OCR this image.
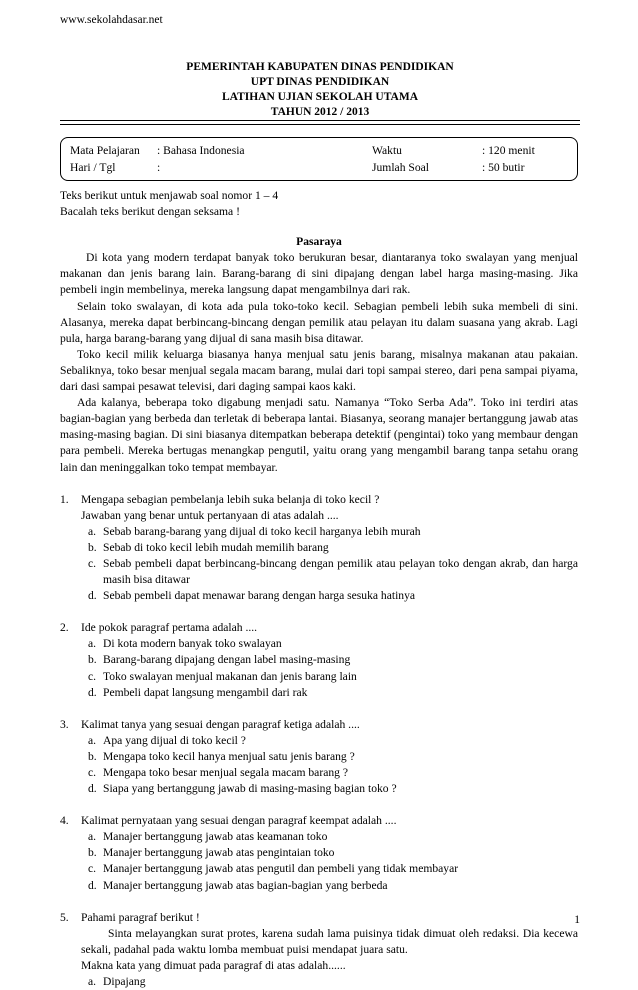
www.sekolahdasar.net
PEMERINTAH KABUPATEN DINAS PENDIDIKAN
UPT DINAS PENDIDIKAN
LATIHAN UJIAN SEKOLAH UTAMA
TAHUN 2012 / 2013
Mata Pelajaran : Bahasa Indonesia	Waktu	: 120 menit
Hari / Tgl	:	Jumlah Soal	: 50 butir

Teks berikut untuk menjawab soal nomor 1 – 4

Bacalah teks berikut dengan seksama !

Pasaraya

Di kota yang modern terdapat banyak toko berukuran besar, diantaranya toko swalayan yang menjual makanan dan jenis barang lain. Barang-barang di sini dipajang dengan label harga masing-masing. Jika pembeli ingin membelinya, mereka langsung dapat mengambilnya dari rak.

Selain toko swalayan, di kota ada pula toko-toko kecil. Sebagian pembeli lebih suka membeli di sini. Alasanya, mereka dapat berbincang-bincang dengan pemilik atau pelayan itu dalam suasana yang akrab. Lagi pula, harga barang-barang yang dijual di sana masih bisa ditawar.

Toko kecil milik keluarga biasanya hanya menjual satu jenis barang, misalnya makanan atau pakaian. Sebaliknya, toko besar menjual segala macam barang, mulai dari topi sampai stereo, dari pena sampai piyama, dari dasi sampai pesawat televisi, dari daging sampai kaos kaki.

Ada kalanya, beberapa toko digabung menjadi satu. Namanya “Toko Serba Ada”. Toko ini terdiri atas bagian-bagian yang berbeda dan terletak di beberapa lantai. Biasanya, seorang manajer bertanggung jawab atas masing-masing bagian. Di sini biasanya ditempatkan beberapa detektif (pengintai) toko yang membaur dengan para pembeli. Mereka bertugas menangkap pengutil, yaitu orang yang mengambil barang tanpa setahu orang lain dan meninggalkan toko tempat membayar.

1.	Mengapa sebagian pembelanja lebih suka belanja di toko kecil ?

Jawaban yang benar untuk pertanyaan di atas adalah ....

a. Sebab barang-barang yang dijual di toko kecil harganya lebih murah
b. Sebab di toko kecil lebih mudah memilih barang
c. Sebab pembeli dapat berbincang-bincang dengan pemilik atau pelayan toko dengan akrab, dan harga masih bisa ditawar
d. Sebab pembeli dapat menawar barang dengan harga sesuka hatinya
2.	Ide pokok paragraf pertama adalah ....

a. Di kota modern banyak toko swalayan
b. Barang-barang dipajang dengan label masing-masing
c. Toko swalayan menjual makanan dan jenis barang lain
d. Pembeli dapat langsung mengambil dari rak
3.	Kalimat tanya yang sesuai dengan paragraf ketiga adalah ....

a. Apa yang dijual di toko kecil ?
b. Mengapa toko kecil hanya menjual satu jenis barang ?
c. Mengapa toko besar menjual segala macam barang ?
d. Siapa yang bertanggung jawab di masing-masing bagian toko ?
4.	Kalimat pernyataan yang sesuai dengan paragraf keempat adalah ....

a. Manajer bertanggung jawab atas keamanan toko
b. Manajer bertanggung jawab atas pengintaian toko
c. Manajer bertanggung jawab atas pengutil dan pembeli yang tidak membayar
d. Manajer bertanggung jawab atas bagian-bagian yang berbeda
5.	Pahami paragraf berikut !

Sinta melayangkan surat protes, karena sudah lama puisinya tidak dimuat oleh redaksi. Dia kecewa sekali, padahal pada waktu lomba membuat puisi mendapat juara satu.

Makna kata yang dimuat pada paragraf di atas adalah......

a. Dipajang
1
